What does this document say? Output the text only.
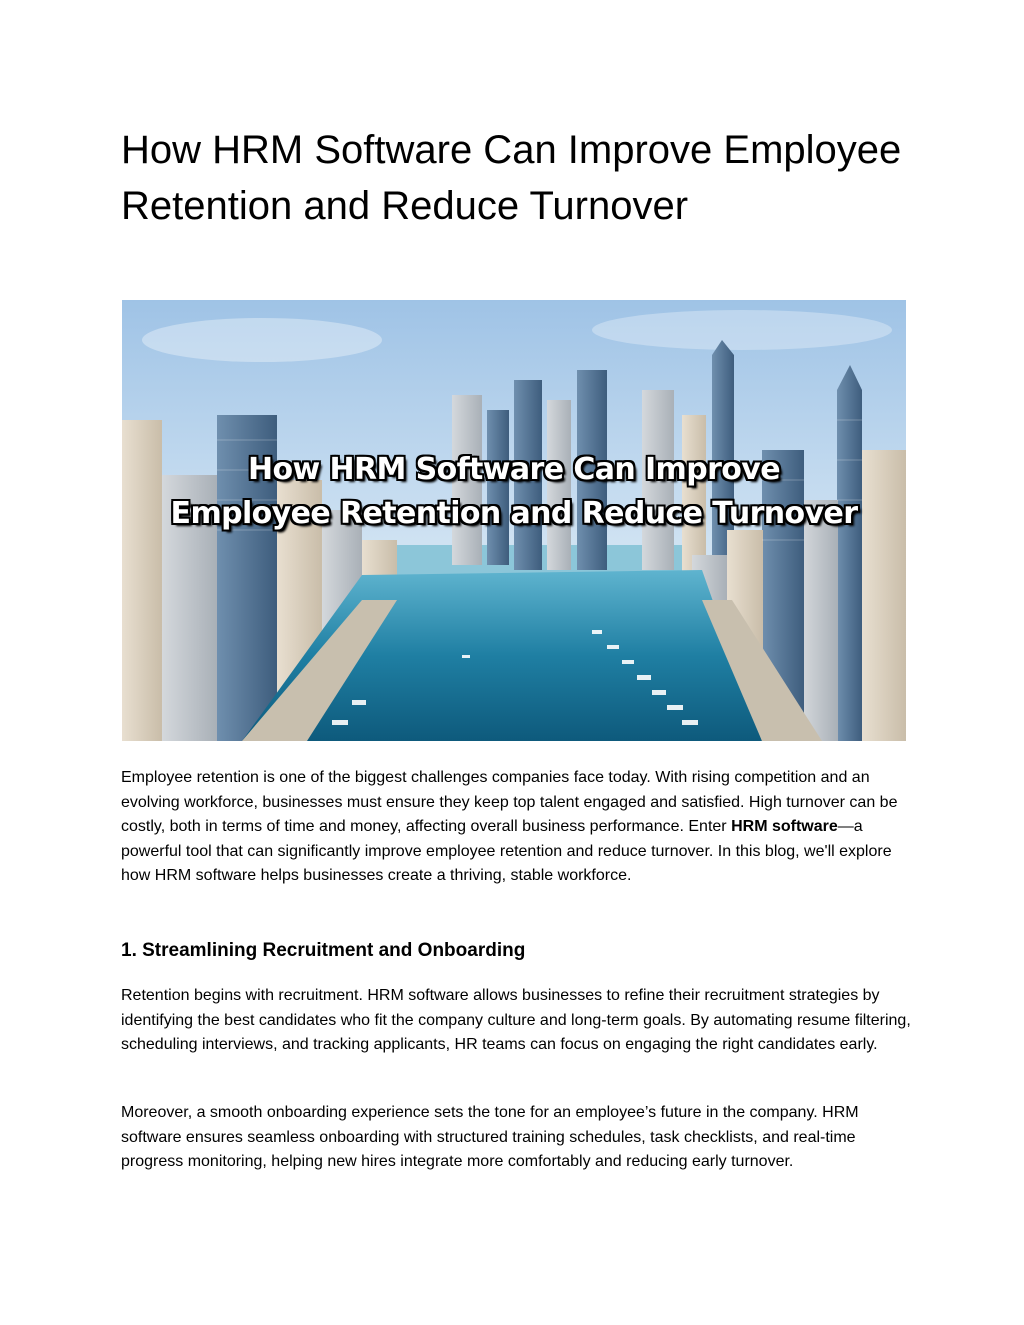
How HRM Software Can Improve Employee Retention and Reduce Turnover
How HRM Software Can Improve
Employee Retention and Reduce Turnover

Employee retention is one of the biggest challenges companies face today. With rising competition and an evolving workforce, businesses must ensure they keep top talent engaged and satisfied. High turnover can be costly, both in terms of time and money, affecting overall business performance. Enter HRM software—a powerful tool that can significantly improve employee retention and reduce turnover. In this blog, we'll explore how HRM software helps businesses create a thriving, stable workforce.

1. Streamlining Recruitment and Onboarding

Retention begins with recruitment. HRM software allows businesses to refine their recruitment strategies by identifying the best candidates who fit the company culture and long-term goals. By automating resume filtering, scheduling interviews, and tracking applicants, HR teams can focus on engaging the right candidates early.

Moreover, a smooth onboarding experience sets the tone for an employee’s future in the company. HRM software ensures seamless onboarding with structured training schedules, task checklists, and real-time progress monitoring, helping new hires integrate more comfortably and reducing early turnover.
